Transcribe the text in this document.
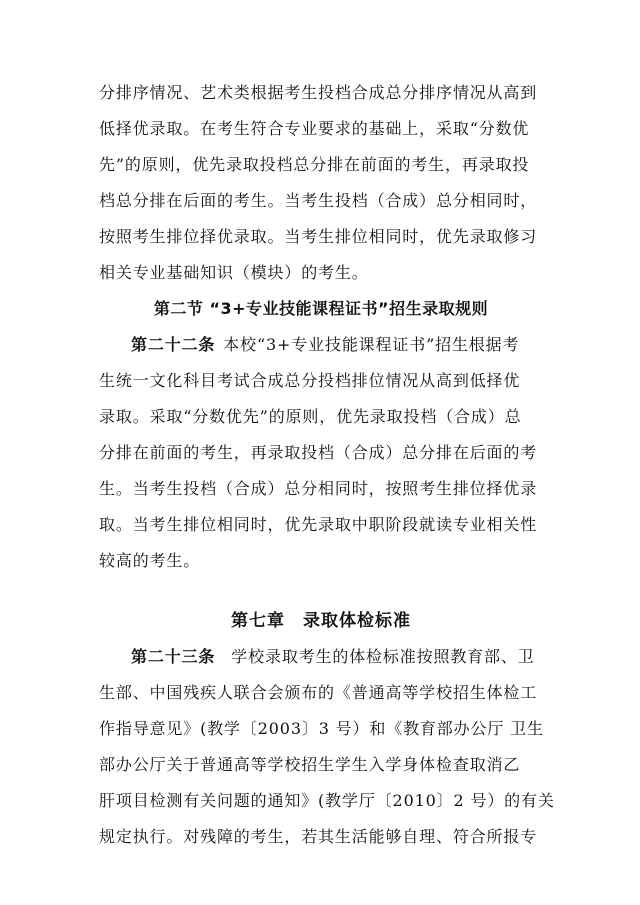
分排序情况、艺术类根据考生投档合成总分排序情况从高到
低择优录取。在考生符合专业要求的基础上，采取“分数优
先”的原则，优先录取投档总分排在前面的考生，再录取投
档总分排在后面的考生。当考生投档（合成）总分相同时，
按照考生排位择优录取。当考生排位相同时，优先录取修习
相关专业基础知识（模块）的考生。
第二节 “3+专业技能课程证书”招生录取规则
第二十二条 本校“3+专业技能课程证书”招生根据考
生统一文化科目考试合成总分投档排位情况从高到低择优
录取。采取“分数优先”的原则，优先录取投档（合成）总
分排在前面的考生，再录取投档（合成）总分排在后面的考
生。当考生投档（合成）总分相同时，按照考生排位择优录
取。当考生排位相同时，优先录取中职阶段就读专业相关性
较高的考生。
第七章　录取体检标准
第二十三条 学校录取考生的体检标准按照教育部、卫
生部、中国残疾人联合会颁布的《普通高等学校招生体检工
作指导意见》(教学〔2003〕3 号）和《教育部办公厅 卫生
部办公厅关于普通高等学校招生学生入学身体检查取消乙
肝项目检测有关问题的通知》(教学厅〔2010〕2 号）的有关
规定执行。对残障的考生，若其生活能够自理、符合所报专
